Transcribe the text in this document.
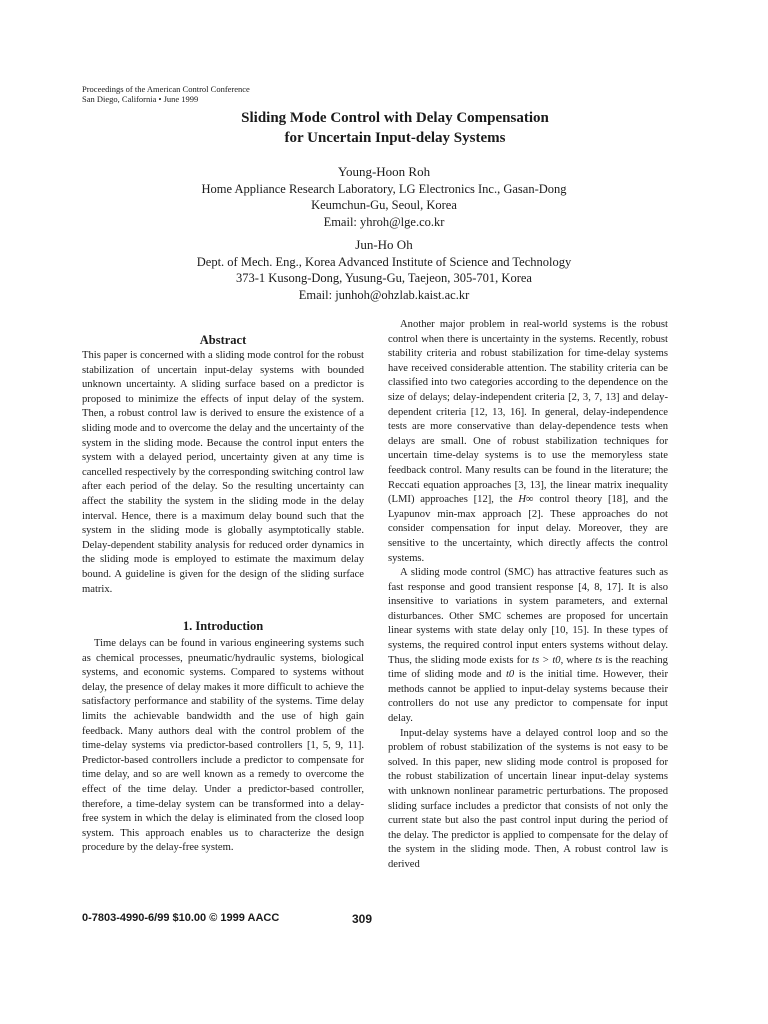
Proceedings of the American Control Conference
San Diego, California • June 1999
Sliding Mode Control with Delay Compensation
for Uncertain Input-delay Systems
Young-Hoon Roh
Home Appliance Research Laboratory, LG Electronics Inc., Gasan-Dong
Keumchun-Gu, Seoul, Korea
Email: yhroh@lge.co.kr
Jun-Ho Oh
Dept. of Mech. Eng., Korea Advanced Institute of Science and Technology
373-1 Kusong-Dong, Yusung-Gu, Taejeon, 305-701, Korea
Email: junhoh@ohzlab.kaist.ac.kr
Abstract

This paper is concerned with a sliding mode control for the robust stabilization of uncertain input-delay systems with bounded unknown uncertainty. A sliding surface based on a predictor is proposed to minimize the effects of input delay of the system. Then, a robust control law is derived to ensure the existence of a sliding mode and to overcome the delay and the uncertainty of the system in the sliding mode. Because the control input enters the system with a delayed period, uncertainty given at any time is cancelled respectively by the corresponding switching control law after each period of the delay. So the resulting uncertainty can affect the stability the system in the sliding mode in the delay interval. Hence, there is a maximum delay bound such that the system in the sliding mode is globally asymptotically stable. Delay-dependent stability analysis for reduced order dynamics in the sliding mode is employed to estimate the maximum delay bound. A guideline is given for the design of the sliding surface matrix.

1. Introduction

Time delays can be found in various engineering systems such as chemical processes, pneumatic/hydraulic systems, biological systems, and economic systems. Compared to systems without delay, the presence of delay makes it more difficult to achieve the satisfactory performance and stability of the systems. Time delay limits the achievable bandwidth and the use of high gain feedback. Many authors deal with the control problem of the time-delay systems via predictor-based controllers [1, 5, 9, 11]. Predictor-based controllers include a predictor to compensate for time delay, and so are well known as a remedy to overcome the effect of the time delay. Under a predictor-based controller, therefore, a time-delay system can be transformed into a delay-free system in which the delay is eliminated from the closed loop system. This approach enables us to characterize the design procedure by the delay-free system.

Another major problem in real-world systems is the robust control when there is uncertainty in the systems. Recently, robust stability criteria and robust stabilization for time-delay systems have received considerable attention. The stability criteria can be classified into two categories according to the dependence on the size of delays; delay-independent criteria [2, 3, 7, 13] and delay-dependent criteria [12, 13, 16]. In general, delay-independence tests are more conservative than delay-dependence tests when delays are small. One of robust stabilization techniques for uncertain time-delay systems is to use the memoryless state feedback control. Many results can be found in the literature; the Reccati equation approaches [3, 13], the linear matrix inequality (LMI) approaches [12], the H∞ control theory [18], and the Lyapunov min-max approach [2]. These approaches do not consider compensation for input delay. Moreover, they are sensitive to the uncertainty, which directly affects the control systems.

A sliding mode control (SMC) has attractive features such as fast response and good transient response [4, 8, 17]. It is also insensitive to variations in system parameters, and external disturbances. Other SMC schemes are proposed for uncertain linear systems with state delay only [10, 15]. In these types of systems, the required control input enters systems without delay. Thus, the sliding mode exists for ts > t0, where ts is the reaching time of sliding mode and t0 is the initial time. However, their methods cannot be applied to input-delay systems because their controllers do not use any predictor to compensate for input delay.

Input-delay systems have a delayed control loop and so the problem of robust stabilization of the systems is not easy to be solved. In this paper, new sliding mode control is proposed for the robust stabilization of uncertain linear input-delay systems with unknown nonlinear parametric perturbations. The proposed sliding surface includes a predictor that consists of not only the current state but also the past control input during the period of the delay. The predictor is applied to compensate for the delay of the system in the sliding mode. Then, A robust control law is derived

0-7803-4990-6/99 $10.00 © 1999 AACC	309
